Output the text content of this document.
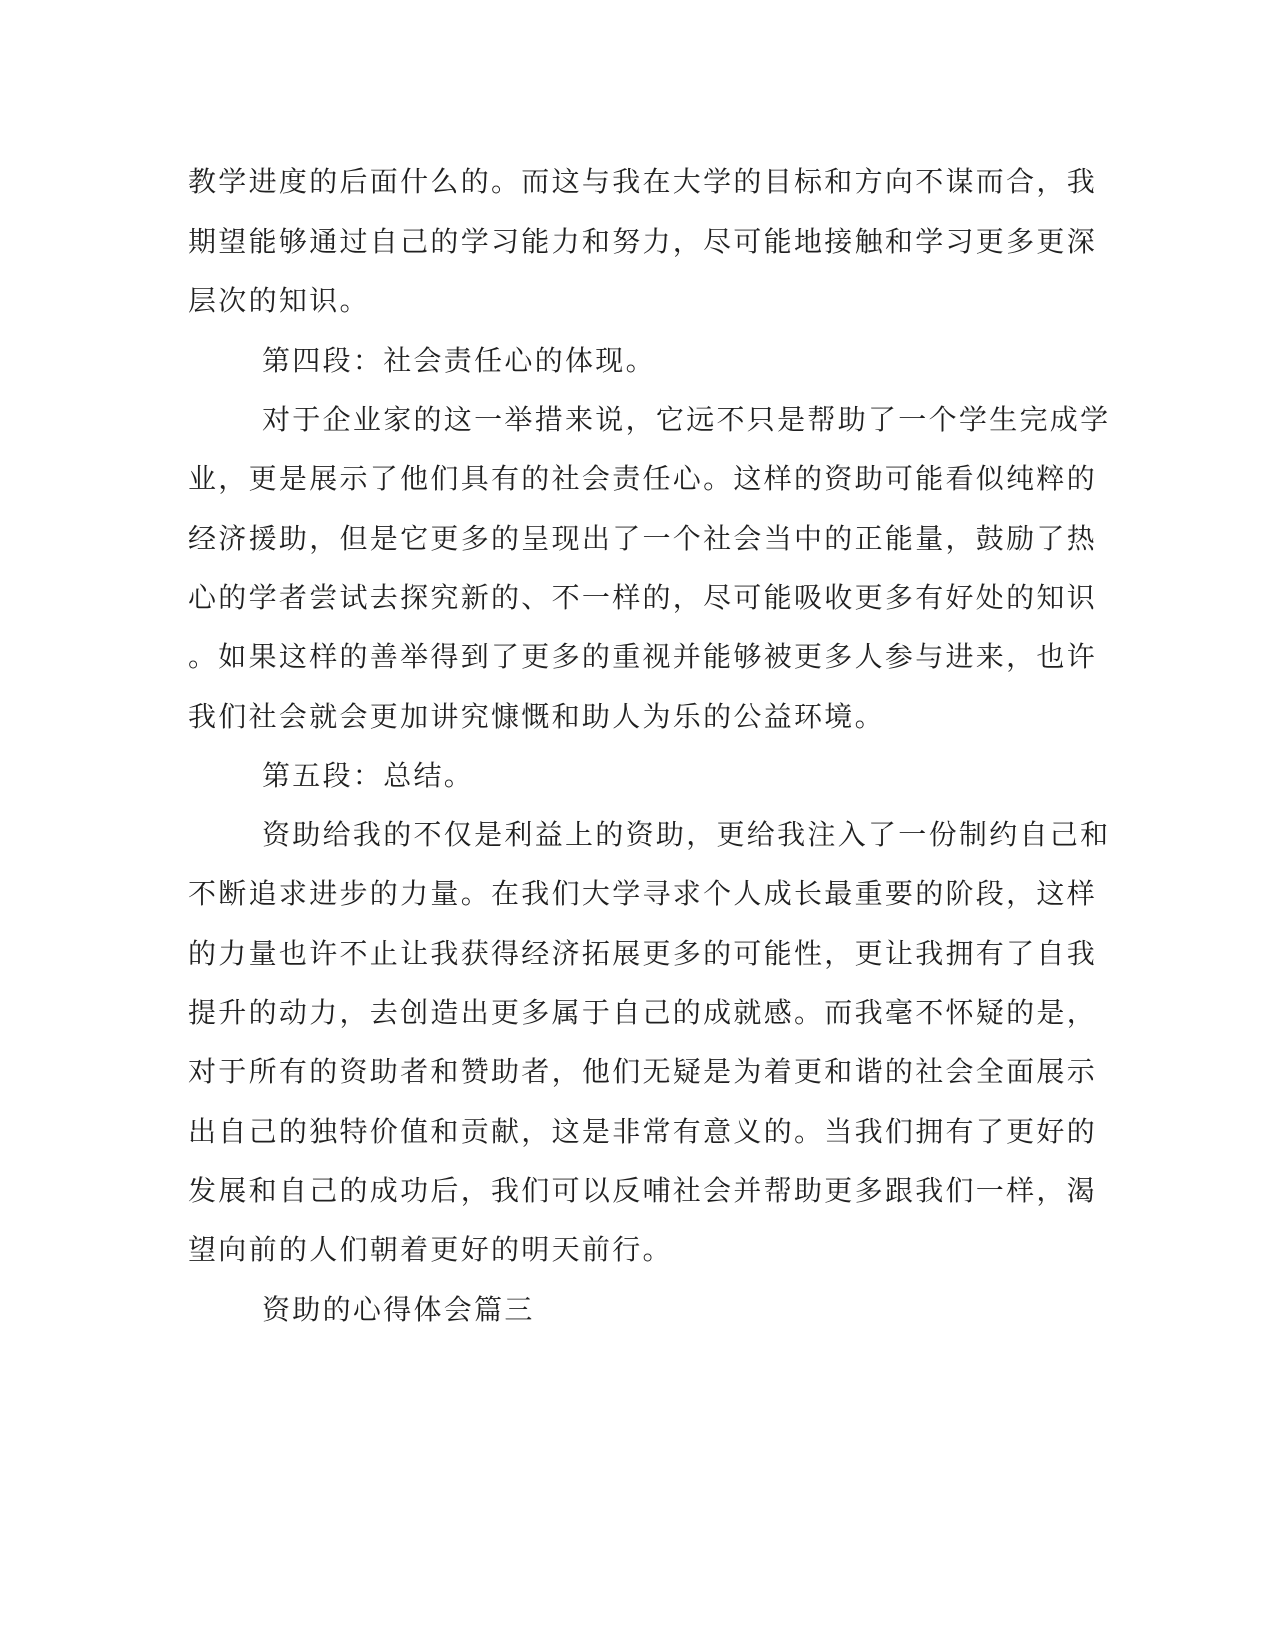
教学进度的后面什么的。而这与我在大学的目标和方向不谋而合，我
期望能够通过自己的学习能力和努力，尽可能地接触和学习更多更深
层次的知识。
第四段：社会责任心的体现。
对于企业家的这一举措来说，它远不只是帮助了一个学生完成学
业，更是展示了他们具有的社会责任心。这样的资助可能看似纯粹的
经济援助，但是它更多的呈现出了一个社会当中的正能量，鼓励了热
心的学者尝试去探究新的、不一样的，尽可能吸收更多有好处的知识
。如果这样的善举得到了更多的重视并能够被更多人参与进来，也许
我们社会就会更加讲究慷慨和助人为乐的公益环境。
第五段：总结。
资助给我的不仅是利益上的资助，更给我注入了一份制约自己和
不断追求进步的力量。在我们大学寻求个人成长最重要的阶段，这样
的力量也许不止让我获得经济拓展更多的可能性，更让我拥有了自我
提升的动力，去创造出更多属于自己的成就感。而我毫不怀疑的是，
对于所有的资助者和赞助者，他们无疑是为着更和谐的社会全面展示
出自己的独特价值和贡献，这是非常有意义的。当我们拥有了更好的
发展和自己的成功后，我们可以反哺社会并帮助更多跟我们一样，渴
望向前的人们朝着更好的明天前行。
资助的心得体会篇三
